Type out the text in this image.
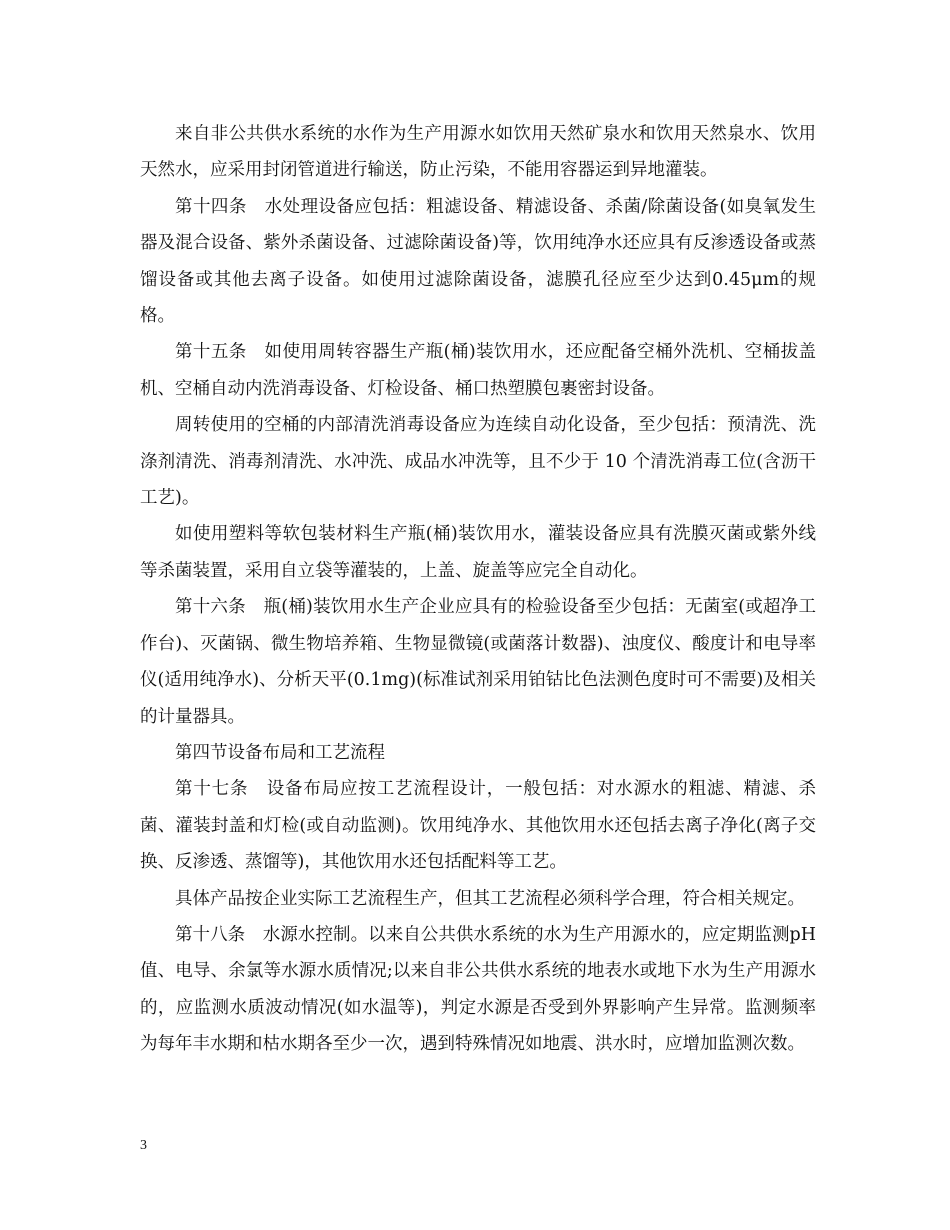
来自非公共供水系统的水作为生产用源水如饮用天然矿泉水和饮用天然泉水、饮用天然水，应采用封闭管道进行输送，防止污染，不能用容器运到异地灌装。

第十四条　水处理设备应包括：粗滤设备、精滤设备、杀菌/除菌设备(如臭氧发生器及混合设备、紫外杀菌设备、过滤除菌设备)等，饮用纯净水还应具有反渗透设备或蒸馏设备或其他去离子设备。如使用过滤除菌设备，滤膜孔径应至少达到0.45μm的规格。

第十五条　如使用周转容器生产瓶(桶)装饮用水，还应配备空桶外洗机、空桶拔盖机、空桶自动内洗消毒设备、灯检设备、桶口热塑膜包裹密封设备。

周转使用的空桶的内部清洗消毒设备应为连续自动化设备，至少包括：预清洗、洗涤剂清洗、消毒剂清洗、水冲洗、成品水冲洗等，且不少于 10 个清洗消毒工位(含沥干工艺)。

如使用塑料等软包装材料生产瓶(桶)装饮用水，灌装设备应具有洗膜灭菌或紫外线等杀菌装置，采用自立袋等灌装的，上盖、旋盖等应完全自动化。

第十六条　瓶(桶)装饮用水生产企业应具有的检验设备至少包括：无菌室(或超净工作台)、灭菌锅、微生物培养箱、生物显微镜(或菌落计数器)、浊度仪、酸度计和电导率仪(适用纯净水)、分析天平(0.1mg)(标准试剂采用铂钴比色法测色度时可不需要)及相关的计量器具。

第四节设备布局和工艺流程

第十七条　设备布局应按工艺流程设计，一般包括：对水源水的粗滤、精滤、杀菌、灌装封盖和灯检(或自动监测)。饮用纯净水、其他饮用水还包括去离子净化(离子交换、反渗透、蒸馏等)，其他饮用水还包括配料等工艺。

具体产品按企业实际工艺流程生产，但其工艺流程必须科学合理，符合相关规定。

第十八条　水源水控制。以来自公共供水系统的水为生产用源水的，应定期监测pH值、电导、余氯等水源水质情况;以来自非公共供水系统的地表水或地下水为生产用源水的，应监测水质波动情况(如水温等)，判定水源是否受到外界影响产生异常。监测频率为每年丰水期和枯水期各至少一次，遇到特殊情况如地震、洪水时，应增加监测次数。

3
